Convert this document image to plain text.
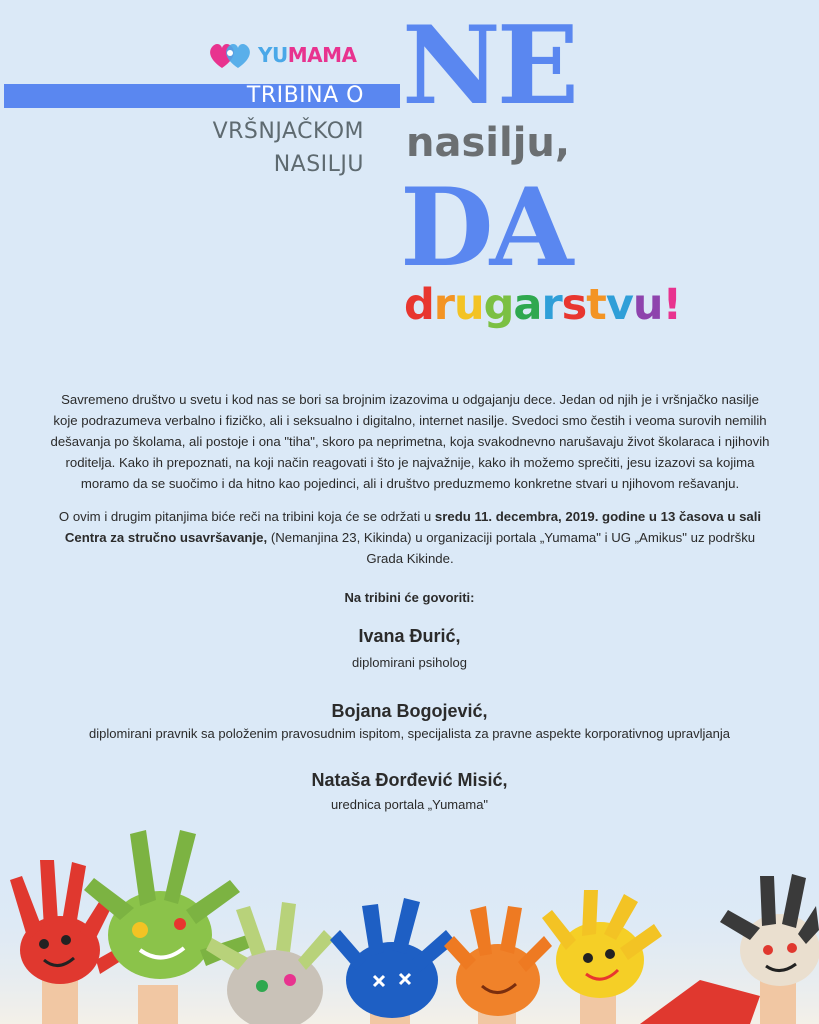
YUMAMA
TRIBINA O
VRŠNJAČKOM
NASILJU
NE
nasilju,
DA
drugarstvu!
Savremeno društvo u svetu i kod nas se bori sa brojnim izazovima u odgajanju dece. Jedan od njih je i vršnjačko nasilje koje podrazumeva verbalno i fizičko, ali i seksualno i digitalno, internet nasilje. Svedoci smo čestih i veoma surovih nemilih dešavanja po školama, ali postoje i ona "tiha", skoro pa neprimetna, koja svakodnevno narušavaju život školaraca i njihovih roditelja. Kako ih prepoznati, na koji način reagovati i što je najvažnije, kako ih možemo sprečiti, jesu izazovi sa kojima moramo da se suočimo i da hitno kao pojedinci, ali i društvo preduzmemo konkretne stvari u njihovom rešavanju.
O ovim i drugim pitanjima biće reči na tribini koja će se održati u sredu 11. decembra, 2019. godine u 13 časova u sali Centra za stručno usavršavanje, (Nemanjina 23, Kikinda) u organizaciji portala „Yumama" i UG „Amikus" uz podršku Grada Kikinde.
Na tribini će govoriti:
Ivana Đurić,
diplomirani psiholog
Bojana Bogojević,
diplomirani pravnik sa položenim pravosudnim ispitom, specijalista za pravne aspekte korporativnog upravljanja
Nataša Đorđević Misić,
urednica portala „Yumama"
